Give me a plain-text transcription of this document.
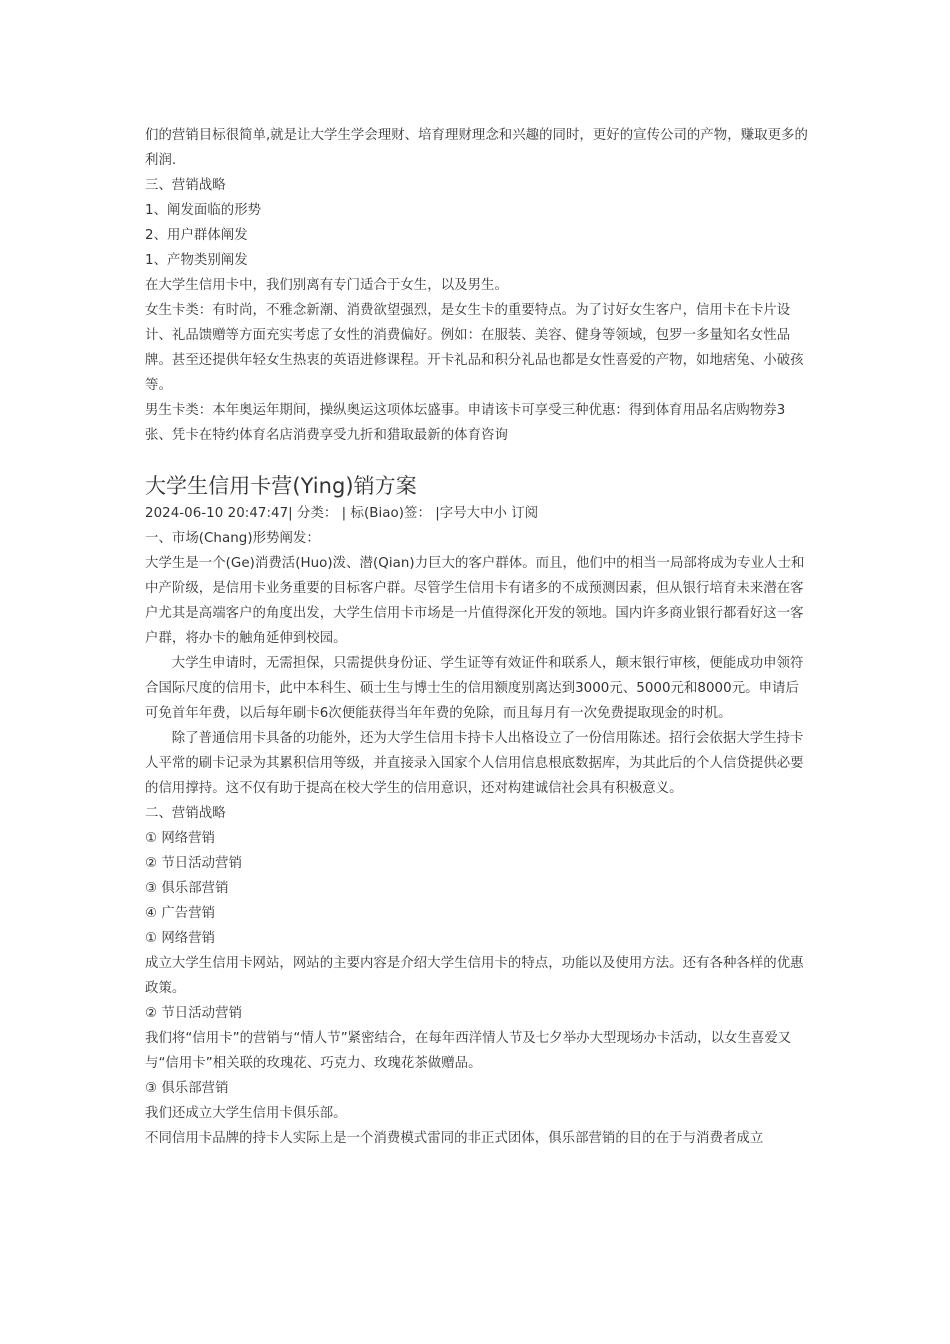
们的营销目标很简单,就是让大学生学会理财、培育理财理念和兴趣的同时，更好的宣传公司的产物，赚取更多的利润.

三、营销战略

1、阐发面临的形势

2、用户群体阐发

1、产物类别阐发

在大学生信用卡中，我们别离有专门适合于女生，以及男生。

女生卡类：有时尚，不雅念新潮、消费欲望强烈，是女生卡的重要特点。为了讨好女生客户，信用卡在卡片设计、礼品馈赠等方面充实考虑了女性的消费偏好。例如：在服装、美容、健身等领域，包罗一多量知名女性品牌。甚至还提供年轻女生热衷的英语进修课程。开卡礼品和积分礼品也都是女性喜爱的产物，如地痞兔、小破孩等。

男生卡类：本年奥运年期间，操纵奥运这项体坛盛事。申请该卡可享受三种优惠：得到体育用品名店购物券3张、凭卡在特约体育名店消费享受九折和猎取最新的体育咨询

大学生信用卡营(Ying)销方案

2024-06-10 20:47:47| 分类： | 标(Biao)签： |字号大中小 订阅

一、市场(Chang)形势阐发：

大学生是一个(Ge)消费活(Huo)泼、潜(Qian)力巨大的客户群体。而且，他们中的相当一局部将成为专业人士和中产阶级，是信用卡业务重要的目标客户群。尽管学生信用卡有诸多的不成预测因素，但从银行培育未来潜在客户尤其是高端客户的角度出发，大学生信用卡市场是一片值得深化开发的领地。国内许多商业银行都看好这一客户群，将办卡的触角延伸到校园。

大学生申请时，无需担保，只需提供身份证、学生证等有效证件和联系人，颠末银行审核，便能成功申领符合国际尺度的信用卡，此中本科生、硕士生与博士生的信用额度别离达到3000元、5000元和8000元。申请后可免首年年费，以后每年刷卡6次便能获得当年年费的免除，而且每月有一次免费提取现金的时机。

除了普通信用卡具备的功能外，还为大学生信用卡持卡人出格设立了一份信用陈述。招行会依据大学生持卡人平常的刷卡记录为其累积信用等级，并直接录入国家个人信用信息根底数据库，为其此后的个人信贷提供必要的信用撑持。这不仅有助于提高在校大学生的信用意识，还对构建诚信社会具有积极意义。

二、营销战略

① 网络营销

② 节日活动营销

③ 俱乐部营销

④ 广告营销

① 网络营销

成立大学生信用卡网站，网站的主要内容是介绍大学生信用卡的特点，功能以及使用方法。还有各种各样的优惠政策。

② 节日活动营销

我们将“信用卡”的营销与“情人节”紧密结合，在每年西洋情人节及七夕举办大型现场办卡活动，以女生喜爱又与“信用卡”相关联的玫瑰花、巧克力、玫瑰花茶做赠品。

③ 俱乐部营销

我们还成立大学生信用卡俱乐部。

不同信用卡品牌的持卡人实际上是一个消费模式雷同的非正式团体，俱乐部营销的目的在于与消费者成立
